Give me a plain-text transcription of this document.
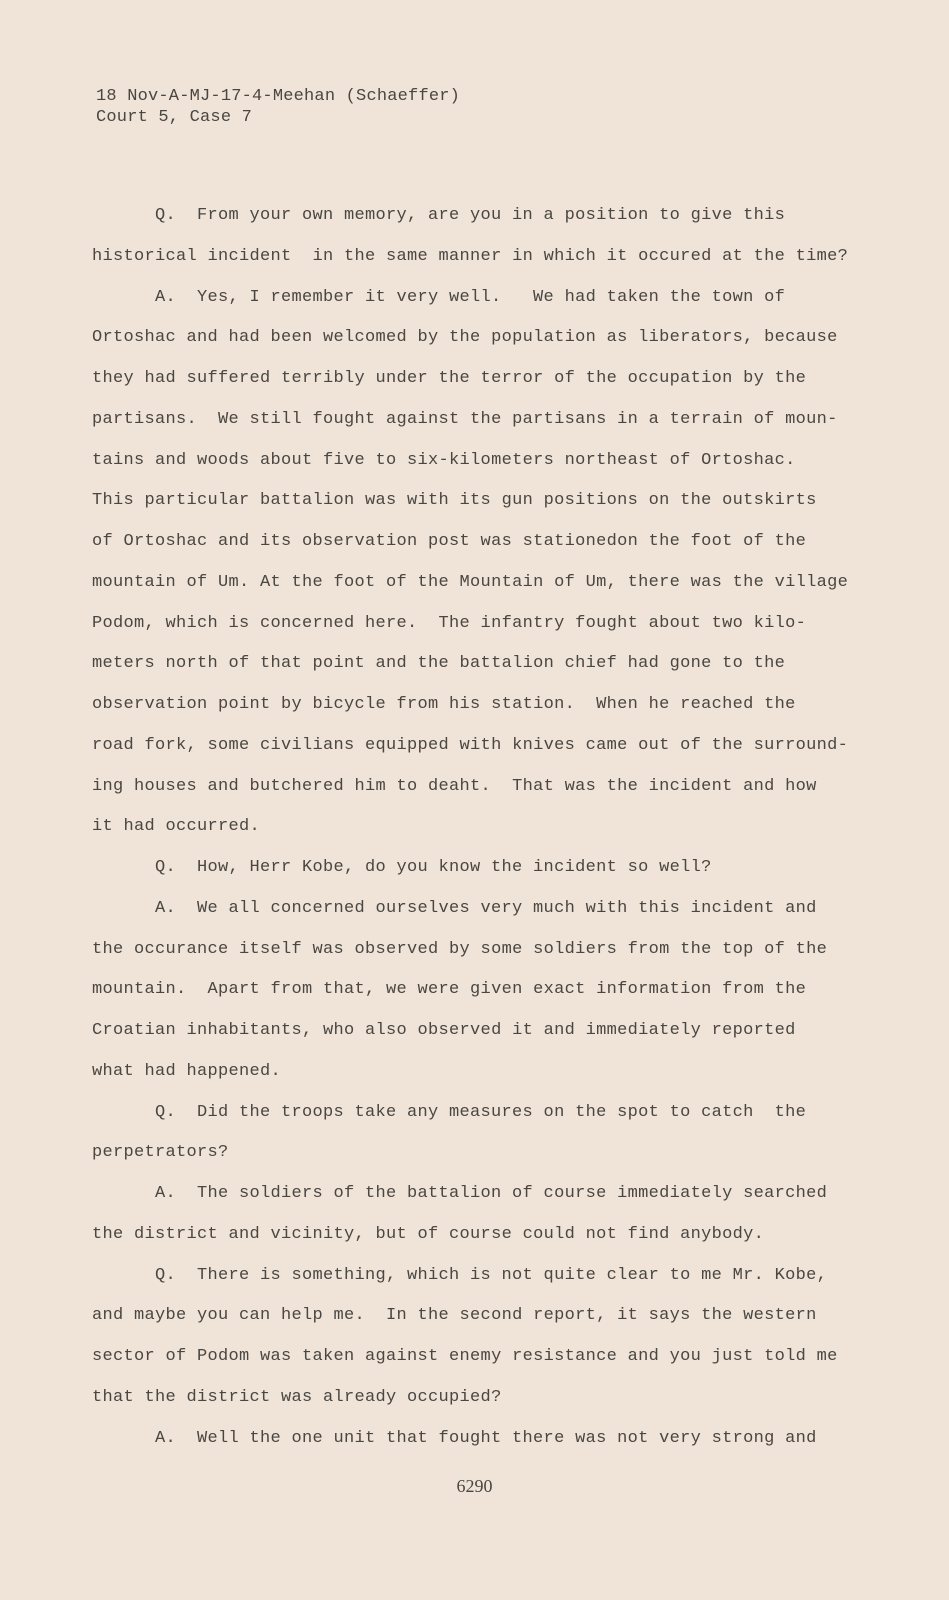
18 Nov-A-MJ-17-4-Meehan (Schaeffer)
Court 5, Case 7
Q.  From your own memory, are you in a position to give this
historical incident  in the same manner in which it occured at the time?
A.  Yes, I remember it very well.   We had taken the town of
Ortoshac and had been welcomed by the population as liberators, because
they had suffered terribly under the terror of the occupation by the
partisans.  We still fought against the partisans in a terrain of moun-
tains and woods about five to six-kilometers northeast of Ortoshac.
This particular battalion was with its gun positions on the outskirts
of Ortoshac and its observation post was stationedon the foot of the
mountain of Um. At the foot of the Mountain of Um, there was the village
Podom, which is concerned here.  The infantry fought about two kilo-
meters north of that point and the battalion chief had gone to the
observation point by bicycle from his station.  When he reached the
road fork, some civilians equipped with knives came out of the surround-
ing houses and butchered him to deaht.  That was the incident and how
it had occurred.
Q.  How, Herr Kobe, do you know the incident so well?
A.  We all concerned ourselves very much with this incident and
the occurance itself was observed by some soldiers from the top of the
mountain.  Apart from that, we were given exact information from the
Croatian inhabitants, who also observed it and immediately reported
what had happened.
Q.  Did the troops take any measures on the spot to catch  the
perpetrators?
A.  The soldiers of the battalion of course immediately searched
the district and vicinity, but of course could not find anybody.
Q.  There is something, which is not quite clear to me Mr. Kobe,
and maybe you can help me.  In the second report, it says the western
sector of Podom was taken against enemy resistance and you just told me
that the district was already occupied?
A.  Well the one unit that fought there was not very strong and
6290
